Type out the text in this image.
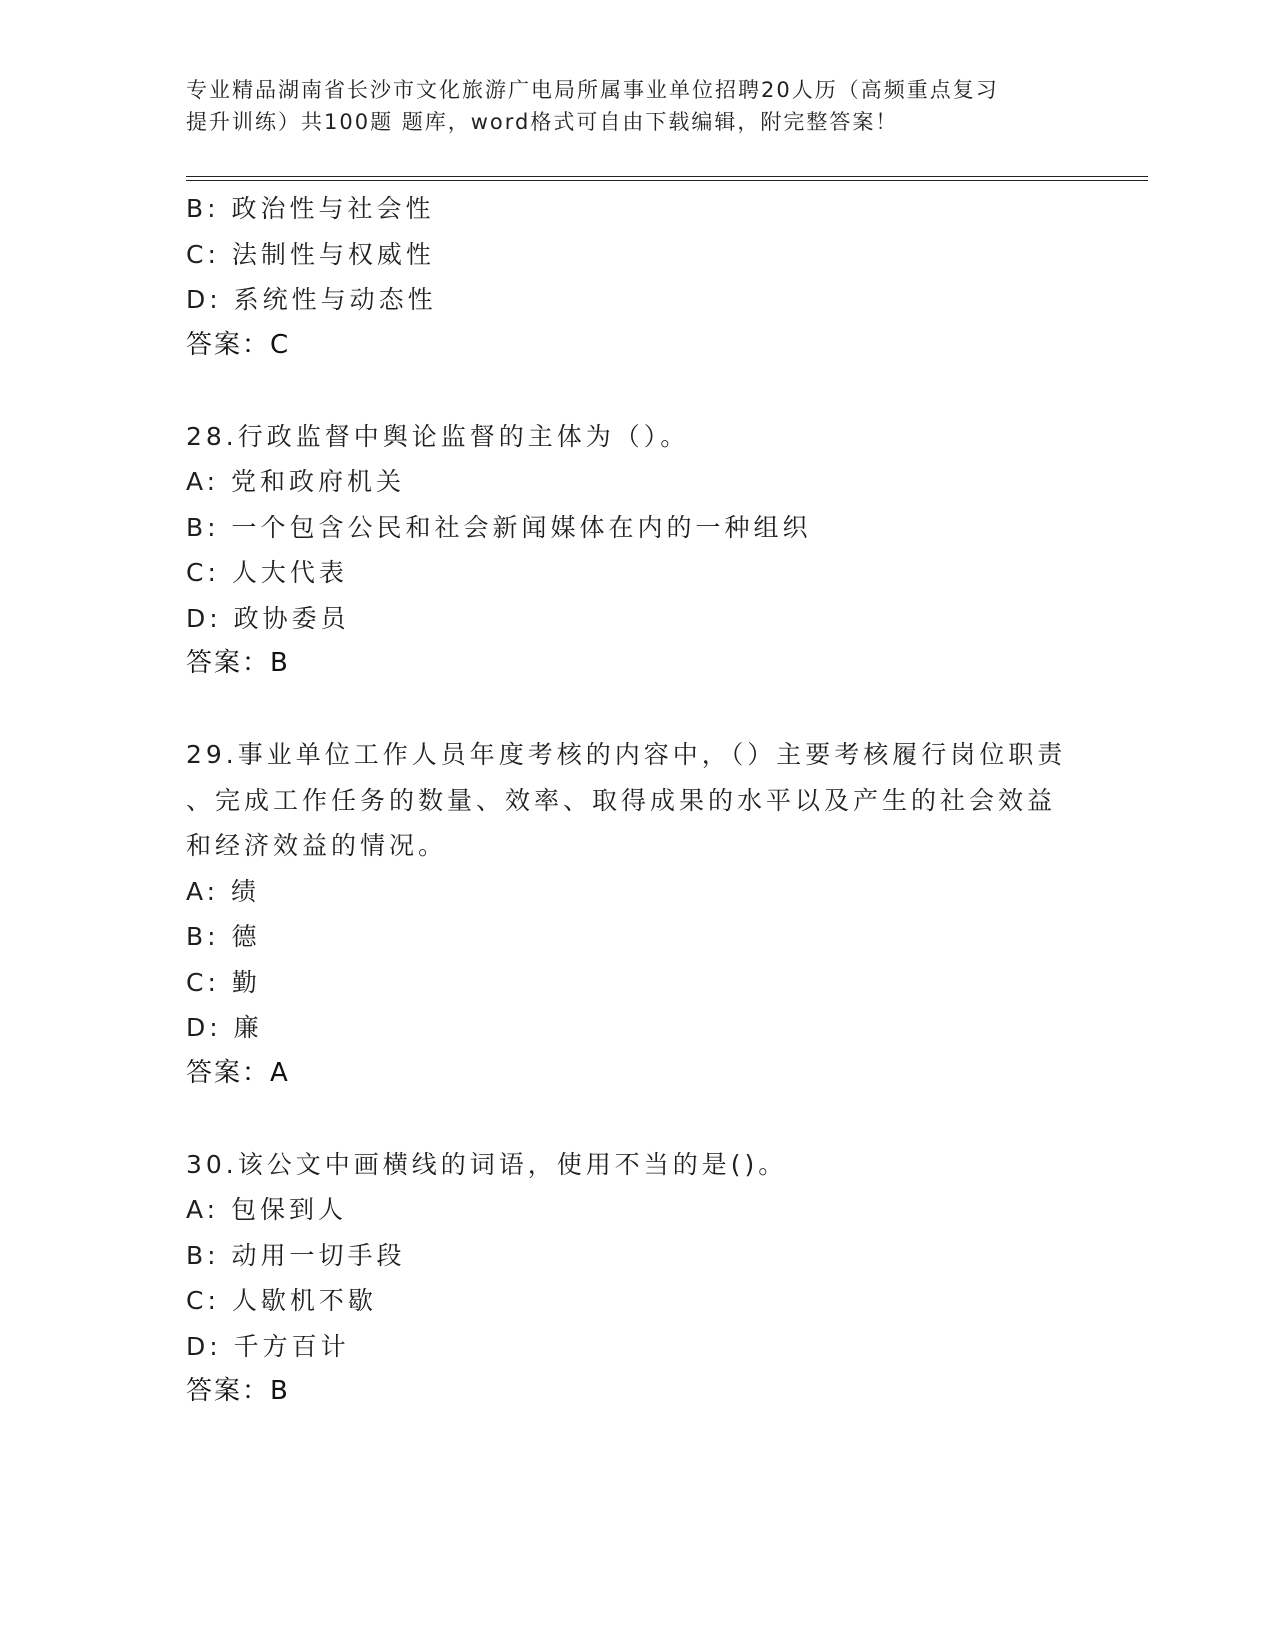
专业精品湖南省长沙市文化旅游广电局所属事业单位招聘20人历（高频重点复习
提升训练）共100题 题库，word格式可自由下载编辑，附完整答案！
B: 政治性与社会性
C: 法制性与权威性
D: 系统性与动态性
答案：C
28.行政监督中舆论监督的主体为（）。
A: 党和政府机关
B: 一个包含公民和社会新闻媒体在内的一种组织
C: 人大代表
D: 政协委员
答案：B
29.事业单位工作人员年度考核的内容中，（）主要考核履行岗位职责
、完成工作任务的数量、效率、取得成果的水平以及产生的社会效益
和经济效益的情况。
A: 绩
B: 德
C: 勤
D: 廉
答案：A
30.该公文中画横线的词语，使用不当的是()。
A: 包保到人
B: 动用一切手段
C: 人歇机不歇
D: 千方百计
答案：B
